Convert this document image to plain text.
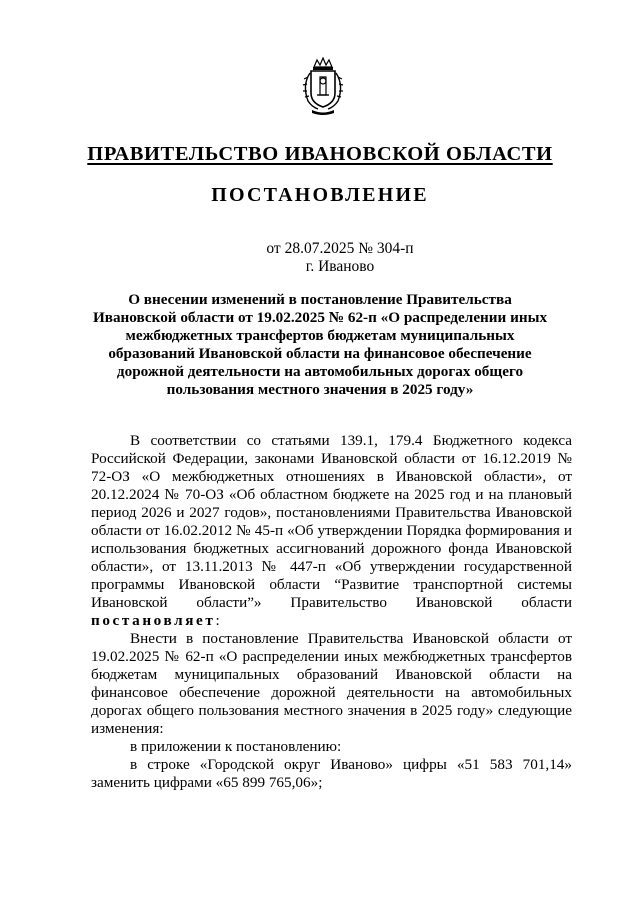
ПРАВИТЕЛЬСТВО ИВАНОВСКОЙ ОБЛАСТИ
ПОСТАНОВЛЕНИЕ
от 28.07.2025 № 304-п
г. Иваново
О внесении изменений в постановление Правительства Ивановской области от 19.02.2025 № 62-п «О распределении иных межбюджетных трансфертов бюджетам муниципальных образований Ивановской области на финансовое обеспечение дорожной деятельности на автомобильных дорогах общего пользования местного значения в 2025 году»

В соответствии со статьями 139.1, 179.4 Бюджетного кодекса Российской Федерации, законами Ивановской области от 16.12.2019 № 72-ОЗ «О межбюджетных отношениях в Ивановской области», от 20.12.2024 № 70-ОЗ «Об областном бюджете на 2025 год и на плановый период 2026 и 2027 годов», постановлениями Правительства Ивановской области от 16.02.2012 № 45-п «Об утверждении Порядка формирования и использования бюджетных ассигнований дорожного фонда Ивановской области», от 13.11.2013 № 447-п «Об утверждении государственной программы Ивановской области “Развитие транспортной системы Ивановской области”» Правительство Ивановской области постановляет:

Внести в постановление Правительства Ивановской области от 19.02.2025 № 62-п «О распределении иных межбюджетных трансфертов бюджетам муниципальных образований Ивановской области на финансовое обеспечение дорожной деятельности на автомобильных дорогах общего пользования местного значения в 2025 году» следующие изменения:

в приложении к постановлению:

в строке «Городской округ Иваново» цифры «51 583 701,14» заменить цифрами «65 899 765,06»;
